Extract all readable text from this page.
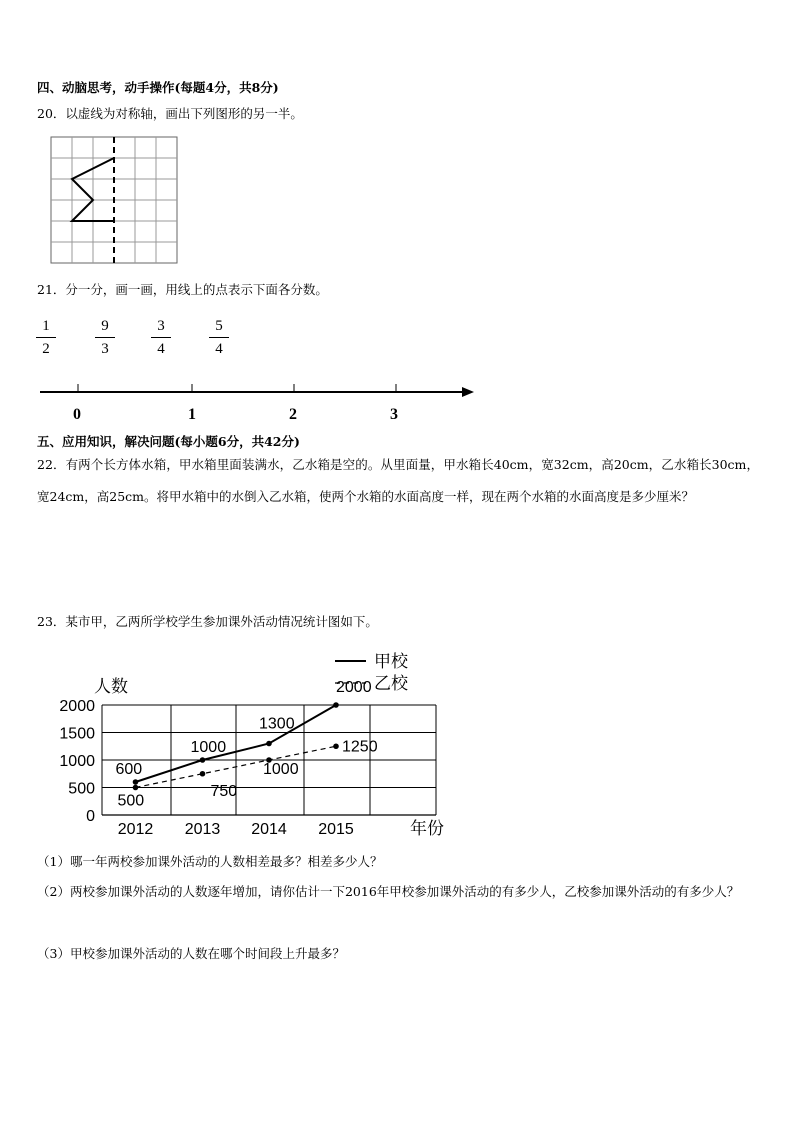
四、动脑思考，动手操作(每题4分，共8分)
20．以虚线为对称轴，画出下列图形的另一半。
21．分一分，画一画，用线上的点表示下面各分数。
1
2
9
3
3
4
5
4
0	1	2	3
五、应用知识，解决问题(每小题6分，共42分)
22．有两个长方体水箱，甲水箱里面装满水，乙水箱是空的。从里面量，甲水箱长40cm，宽32cm，高20cm，乙水箱长30cm，宽24cm，高25cm。将甲水箱中的水倒入乙水箱，使两个水箱的水面高度一样，现在两个水箱的水面高度是多少厘米？
23．某市甲，乙两所学校学生参加课外活动情况统计图如下。
0
500
1000
1500
2000
2012 2013 2014 2015
人数
年份
600
1000
1300
2000
500
750
1000
1250
甲校
乙校
（1）哪一年两校参加课外活动的人数相差最多？相差多少人？
（2）两校参加课外活动的人数逐年增加，请你估计一下2016年甲校参加课外活动的有多少人，乙校参加课外活动的有多少人？
（3）甲校参加课外活动的人数在哪个时间段上升最多？
